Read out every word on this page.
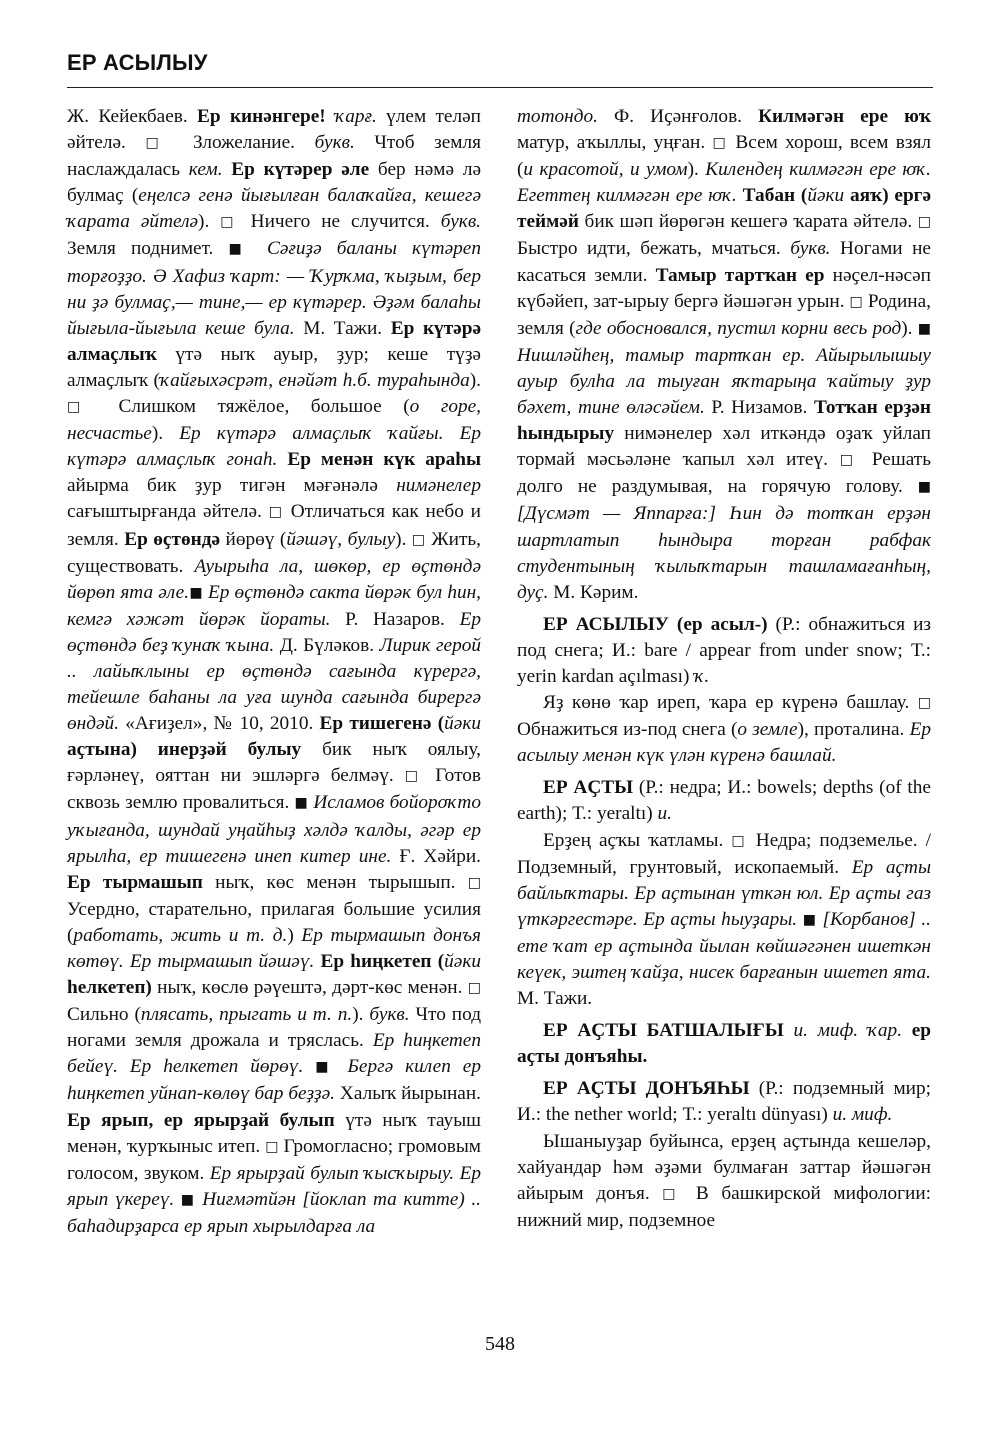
ЕР АСЫЛЫУ

Ж. Кейекбаев. Ер кинәнгере! ҡарғ. үлем теләп әйтелә. □ Зложелание. букв. Чтоб земля наслаждалась кем. Ер күтәрер әле бер нәмә лә булмаҫ (еңелсә генә йығылған балаҡайға, кешегә ҡарата әйтелә). □ Ничего не случится. букв. Земля поднимет. ■ Сәғиҙә баланы күтәреп торғоҙҙо. Ә Хафиз ҡарт: — Ҡурҡма, ҡыҙым, бер ни ҙә булмаҫ,— тине,— ер күтәрер. Әҙәм балаһы йығыла-йығыла кеше була. М. Тажи. Ер күтәрә алмаҫлыҡ үтә ныҡ ауыр, ҙур; кеше түҙә алмаҫлыҡ (ҡайғыхәсрәт, енәйәт һ.б. тураһында). □ Слишком тяжёлое, большое (о горе, несчастье). Ер күтәрә алмаҫлыҡ ҡайғы. Ер күтәрә алмаҫлыҡ гонаһ. Ер менән күк араһы айырма бик ҙур тигән мәғәнәлә нимәнелер сағыштырғанда әйтелә. □ Отличаться как небо и земля. Ер өҫтөндә йөрөү (йәшәү, булыу). □ Жить, существовать. Ауырыһа ла, шөкөр, ер өҫтөндә йөрөп ята әле.■ Ер өҫтөндә сакта йөрәк бул һин, кемгә хәжәт йөрәк йораты. Р. Назаров. Ер өҫтөндә беҙ ҡунаҡ ҡына. Д. Бүләков. Лирик герой .. лайыҡлыны ер өҫтөндә сағында күрергә, тейешле баһаны ла уға шунда сағында бирергә өндәй. «Ағиҙел», № 10, 2010. Ер тишегенә (йәки аҫтына) инерҙәй булыу бик ныҡ оялыу, ғәрләнеү, ояттан ни эшләргә белмәү. □ Готов сквозь землю провалиться. ■ Исламов бойороҡто уҡығанда, шундай уңайһыҙ хәлдә ҡалды, әгәр ер ярылһа, ер тишегенә инеп китер ине. Ғ. Хәйри. Ер тырмашып ныҡ, көс менән тырышып. □ Усердно, старательно, прилагая большие усилия (работать, жить и т. д.) Ер тырмашып донъя көтөү. Ер тырмашып йәшәү. Ер һиңкетеп (йәки һелкетеп) ныҡ, көслө рәүештә, дәрт-көс менән. □ Сильно (плясать, прыгать и т. п.). букв. Что под ногами земля дрожала и тряслась. Ер һиңкетеп бейеү. Ер һелкетеп йөрөү. ■ Бергә килеп ер һиңкетеп уйнап-көлөү бар беҙҙә. Халыҡ йырынан. Ер ярып, ер ярырҙай булып үтә ныҡ тауыш менән, ҡурҡыныс итеп. □ Громогласно; громовым голосом, звуком. Ер ярырҙай булып ҡысҡырыу. Ер ярып үкереү. ■ Ниғмәтйән [йоклап та китте) .. баһадирҙарса ер ярып хырылдарға ла

тотондо. Ф. Иҫәнғолов. Килмәгән ере юҡ матур, аҡыллы, уңған. □ Всем хорош, всем взял (и красотой, и умом). Килендең килмәгән ере юҡ. Егеттең килмәгән ере юҡ. Табан (йәки аяҡ) ергә теймәй бик шәп йөрөгән кешегә ҡарата әйтелә. □ Быстро идти, бежать, мчаться. букв. Ногами не касаться земли. Тамыр тартҡан ер нәҫел-нәсәп күбәйеп, зат-ырыу бергә йәшәгән урын. □ Родина, земля (где обосновался, пустил корни весь род). ■ Нишләйһең, тамыр тартҡан ер. Айырылышыу ауыр булһа ла тыуған яҡтарыңа ҡайтыу ҙур бәхет, тине өләсәйем. Р. Низамов. Тотҡан ерҙән һындырыу нимәнелер хәл иткәндә оҙаҡ уйлап тормай мәсьәләне ҡапыл хәл итеү. □ Решать долго не раздумывая, на горячую голову. ■ [Дүсмәт — Яппарға:] Һин дә тотҡан ерҙән шартлатып һындыра торған рабфак студентының ҡылыҡтарын ташламағанһың, дуҫ. М. Кәрим.

ЕР АСЫЛЫУ (ер асыл-) (Р.: обнажиться из под снега; И.: bare / appear from under snow; Т.: yerin kardan açılması) ҡ.

Яҙ көнө ҡар иреп, ҡара ер күренә башлау. □ Обнажиться из-под снега (о земле), проталина. Ер асылыу менән күк үлән күренә башлай.

ЕР АҪТЫ (Р.: недра; И.: bowels; depths (of the earth); Т.: yeraltı) и.

Ерҙең аҫҡы ҡатламы. □ Недра; подземелье. / Подземный, грунтовый, ископаемый. Ер аҫты байлыҡтары. Ер аҫтынан үткән юл. Ер аҫты газ үткәргестәре. Ер аҫты һыуҙары. ■ [Корбанов] .. ете ҡат ер аҫтында йылан көйшәгәнен ишеткән кеүек, эштең ҡайҙа, нисек барғанын ишетеп ята. М. Тажи.

ЕР АҪТЫ БАТШАЛЫҒЫ и. миф. ҡар. ер аҫты донъяһы.

ЕР АҪТЫ ДОНЪЯҺЫ (Р.: подземный мир; И.: the nether world; Т.: yeraltı dünyası) и. миф.

Ышаныуҙар буйынса, ерҙең аҫтында кешеләр, хайуандар һәм әҙәми булмаған заттар йәшәгән айырым донъя. □ В башкирской мифологии: нижний мир, подземное

548
